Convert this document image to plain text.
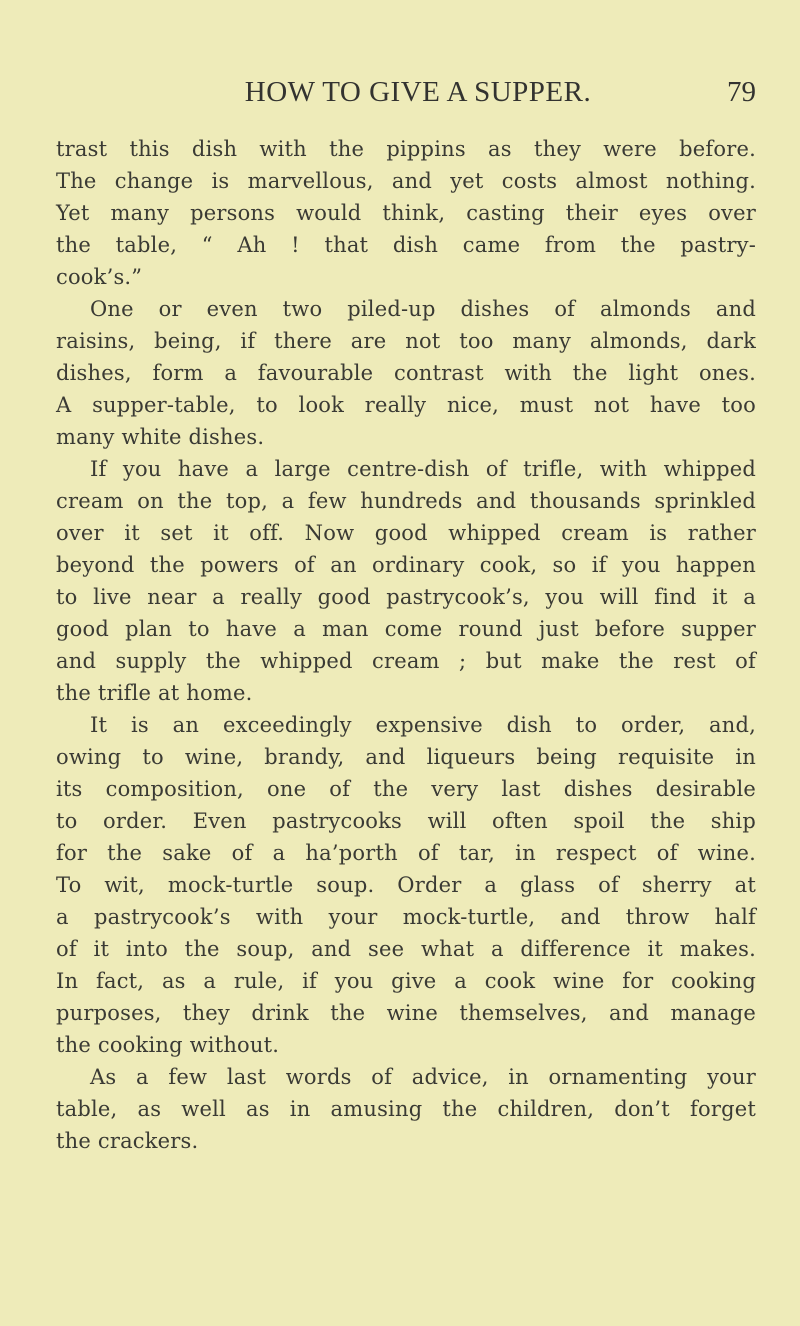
HOW TO GIVE A SUPPER.	79
trast this dish with the pippins as they were before.
The change is marvellous, and yet costs almost nothing.
Yet many persons would think, casting their eyes over
the table, “ Ah ! that dish came from the pastry-
cook’s.”
One or even two piled-up dishes of almonds and
raisins, being, if there are not too many almonds, dark
dishes, form a favourable contrast with the light ones.
A supper-table, to look really nice, must not have too
many white dishes.
If you have a large centre-dish of trifle, with whipped
cream on the top, a few hundreds and thousands sprinkled
over it set it off. Now good whipped cream is rather
beyond the powers of an ordinary cook, so if you happen
to live near a really good pastrycook’s, you will find it a
good plan to have a man come round just before supper
and supply the whipped cream ; but make the rest of
the trifle at home.
It is an exceedingly expensive dish to order, and,
owing to wine, brandy, and liqueurs being requisite in
its composition, one of the very last dishes desirable
to order. Even pastrycooks will often spoil the ship
for the sake of a ha’porth of tar, in respect of wine.
To wit, mock-turtle soup. Order a glass of sherry at
a pastrycook’s with your mock-turtle, and throw half
of it into the soup, and see what a difference it makes.
In fact, as a rule, if you give a cook wine for cooking
purposes, they drink the wine themselves, and manage
the cooking without.
As a few last words of advice, in ornamenting your
table, as well as in amusing the children, don’t forget
the crackers.
